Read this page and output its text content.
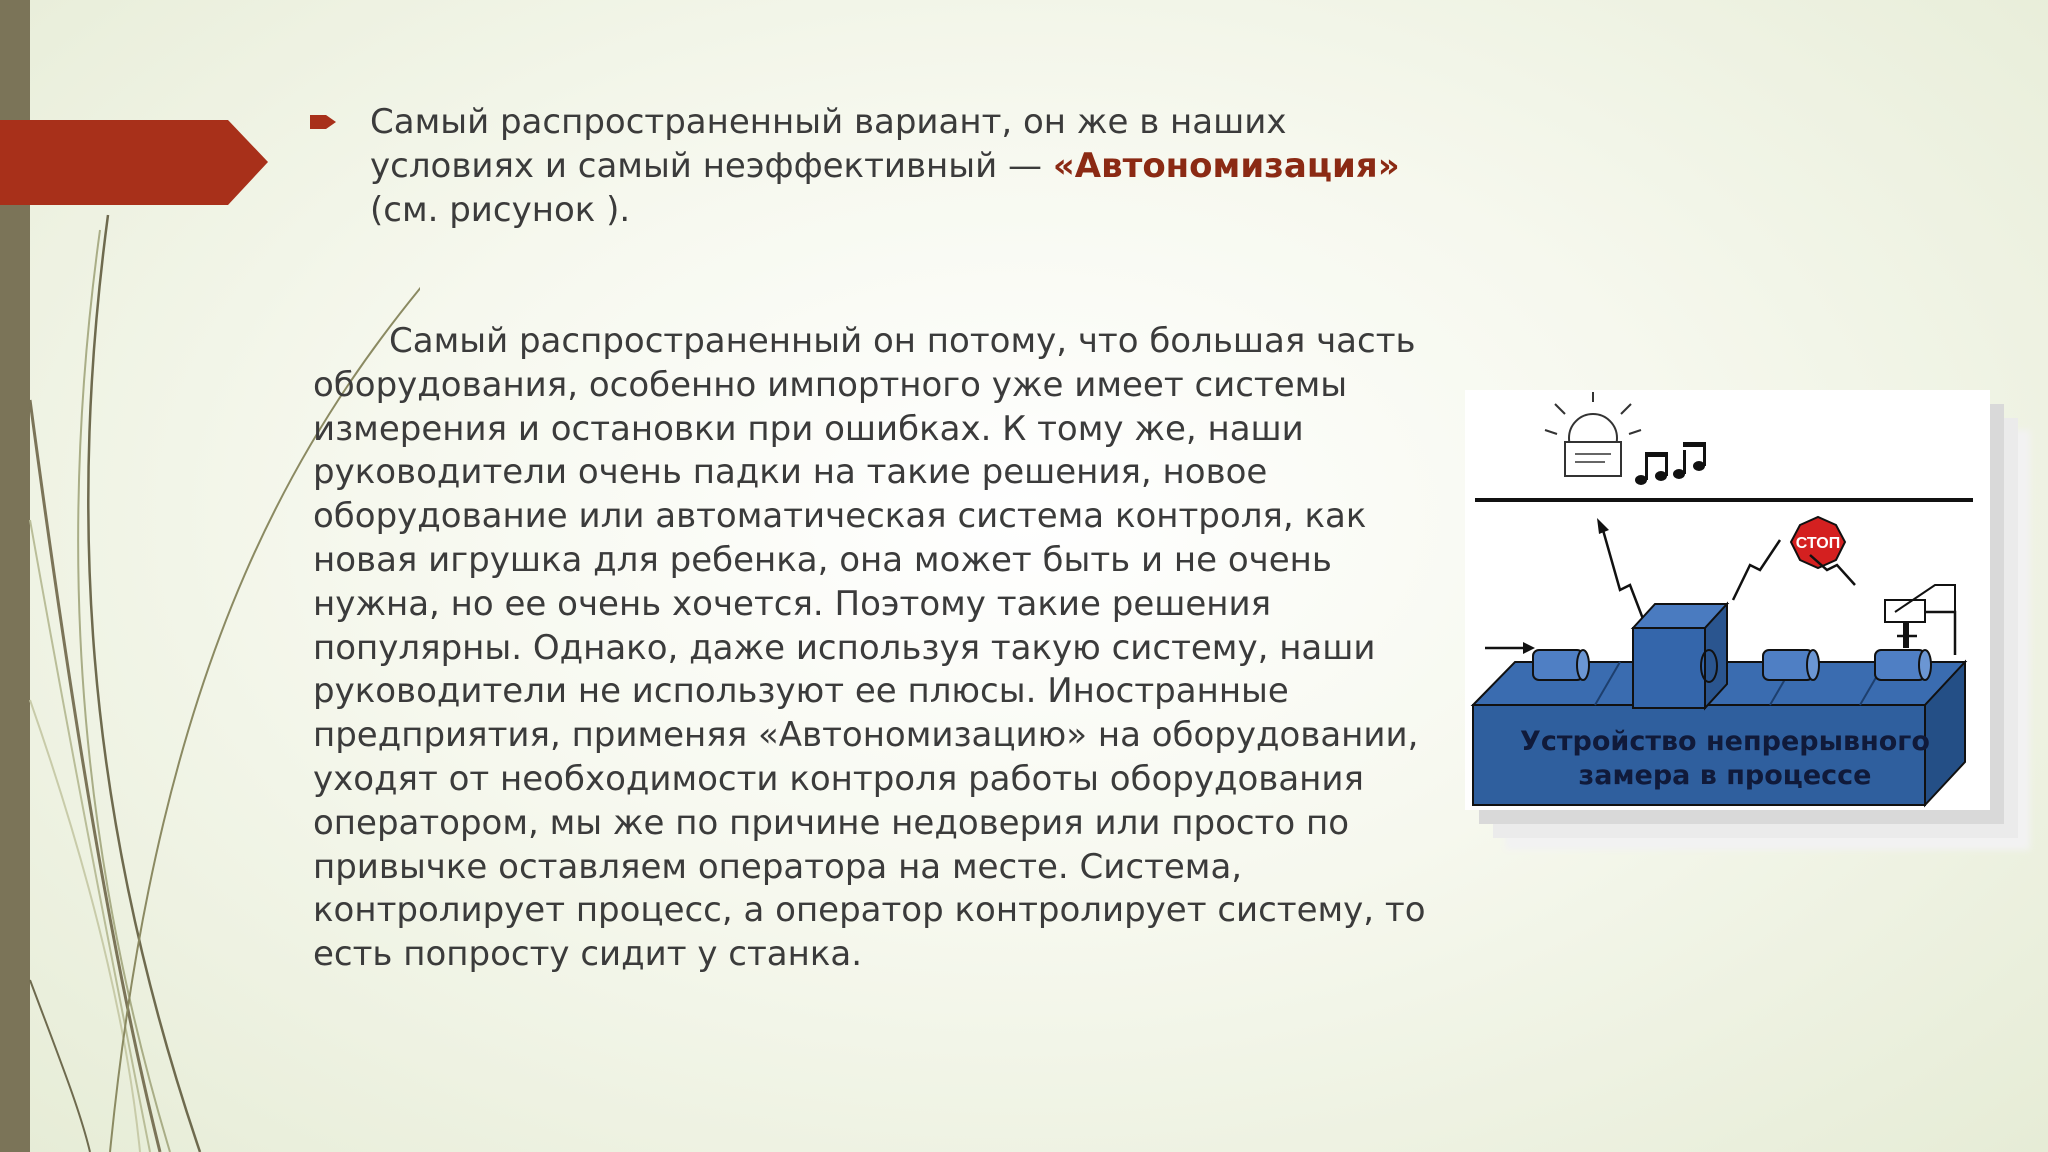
Самый распространенный вариант, он же в наших условиях и самый неэффективный — «Автономизация» (см. рисунок ).
Самый распространенный он потому, что большая часть оборудования, особенно импортного уже имеет системы измерения и остановки при ошибках. К тому же, наши руководители очень падки на такие решения, новое оборудование или автоматическая система контроля, как новая игрушка для ребенка, она может быть и не очень нужна, но ее очень хочется. Поэтому такие решения популярны. Однако, даже используя такую систему, наши руководители не используют ее плюсы. Иностранные предприятия, применяя «Автономизацию» на оборудовании, уходят от необходимости контроля работы оборудования оператором, мы же по причине недоверия или просто по привычке оставляем оператора на месте. Система, контролирует процесс, а оператор контролирует систему, то есть попросту сидит у станка.
СТОП
Устройство непрерывного
замера в процессе
